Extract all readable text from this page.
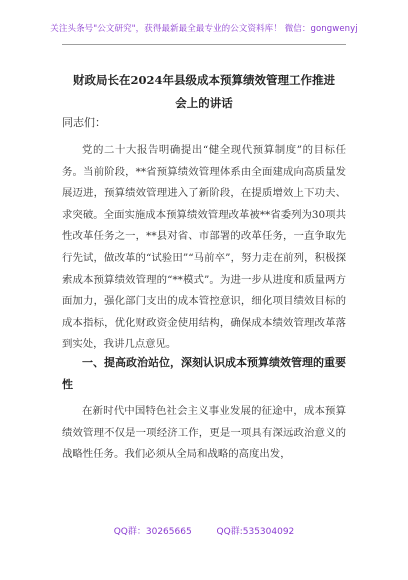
关注头条号"公文研究"，获得最新最全最专业的公文资料库！ 微信：gongwenyj
财政局长在2024年县级成本预算绩效管理工作推进会上的讲话
同志们：
党的二十大报告明确提出“健全现代预算制度”的目标任务。当前阶段，**省预算绩效管理体系由全面建成向高质量发展迈进，预算绩效管理进入了新阶段，在提质增效上下功夫、求突破。全面实施成本预算绩效管理改革被**省委列为30项共性改革任务之一，**县对省、市部署的改革任务，一直争取先行先试，做改革的“试验田”“马前卒”，努力走在前列，积极探索成本预算绩效管理的“**模式”。为进一步从进度和质量两方面加力，强化部门支出的成本管控意识，细化项目绩效目标的成本指标，优化财政资金使用结构，确保成本绩效管理改革落到实处，我讲几点意见。
一、提高政治站位，深刻认识成本预算绩效管理的重要性
在新时代中国特色社会主义事业发展的征途中，成本预算绩效管理不仅是一项经济工作，更是一项具有深远政治意义的战略性任务。我们必须从全局和战略的高度出发，
QQ群：30265665 QQ群:535304092
